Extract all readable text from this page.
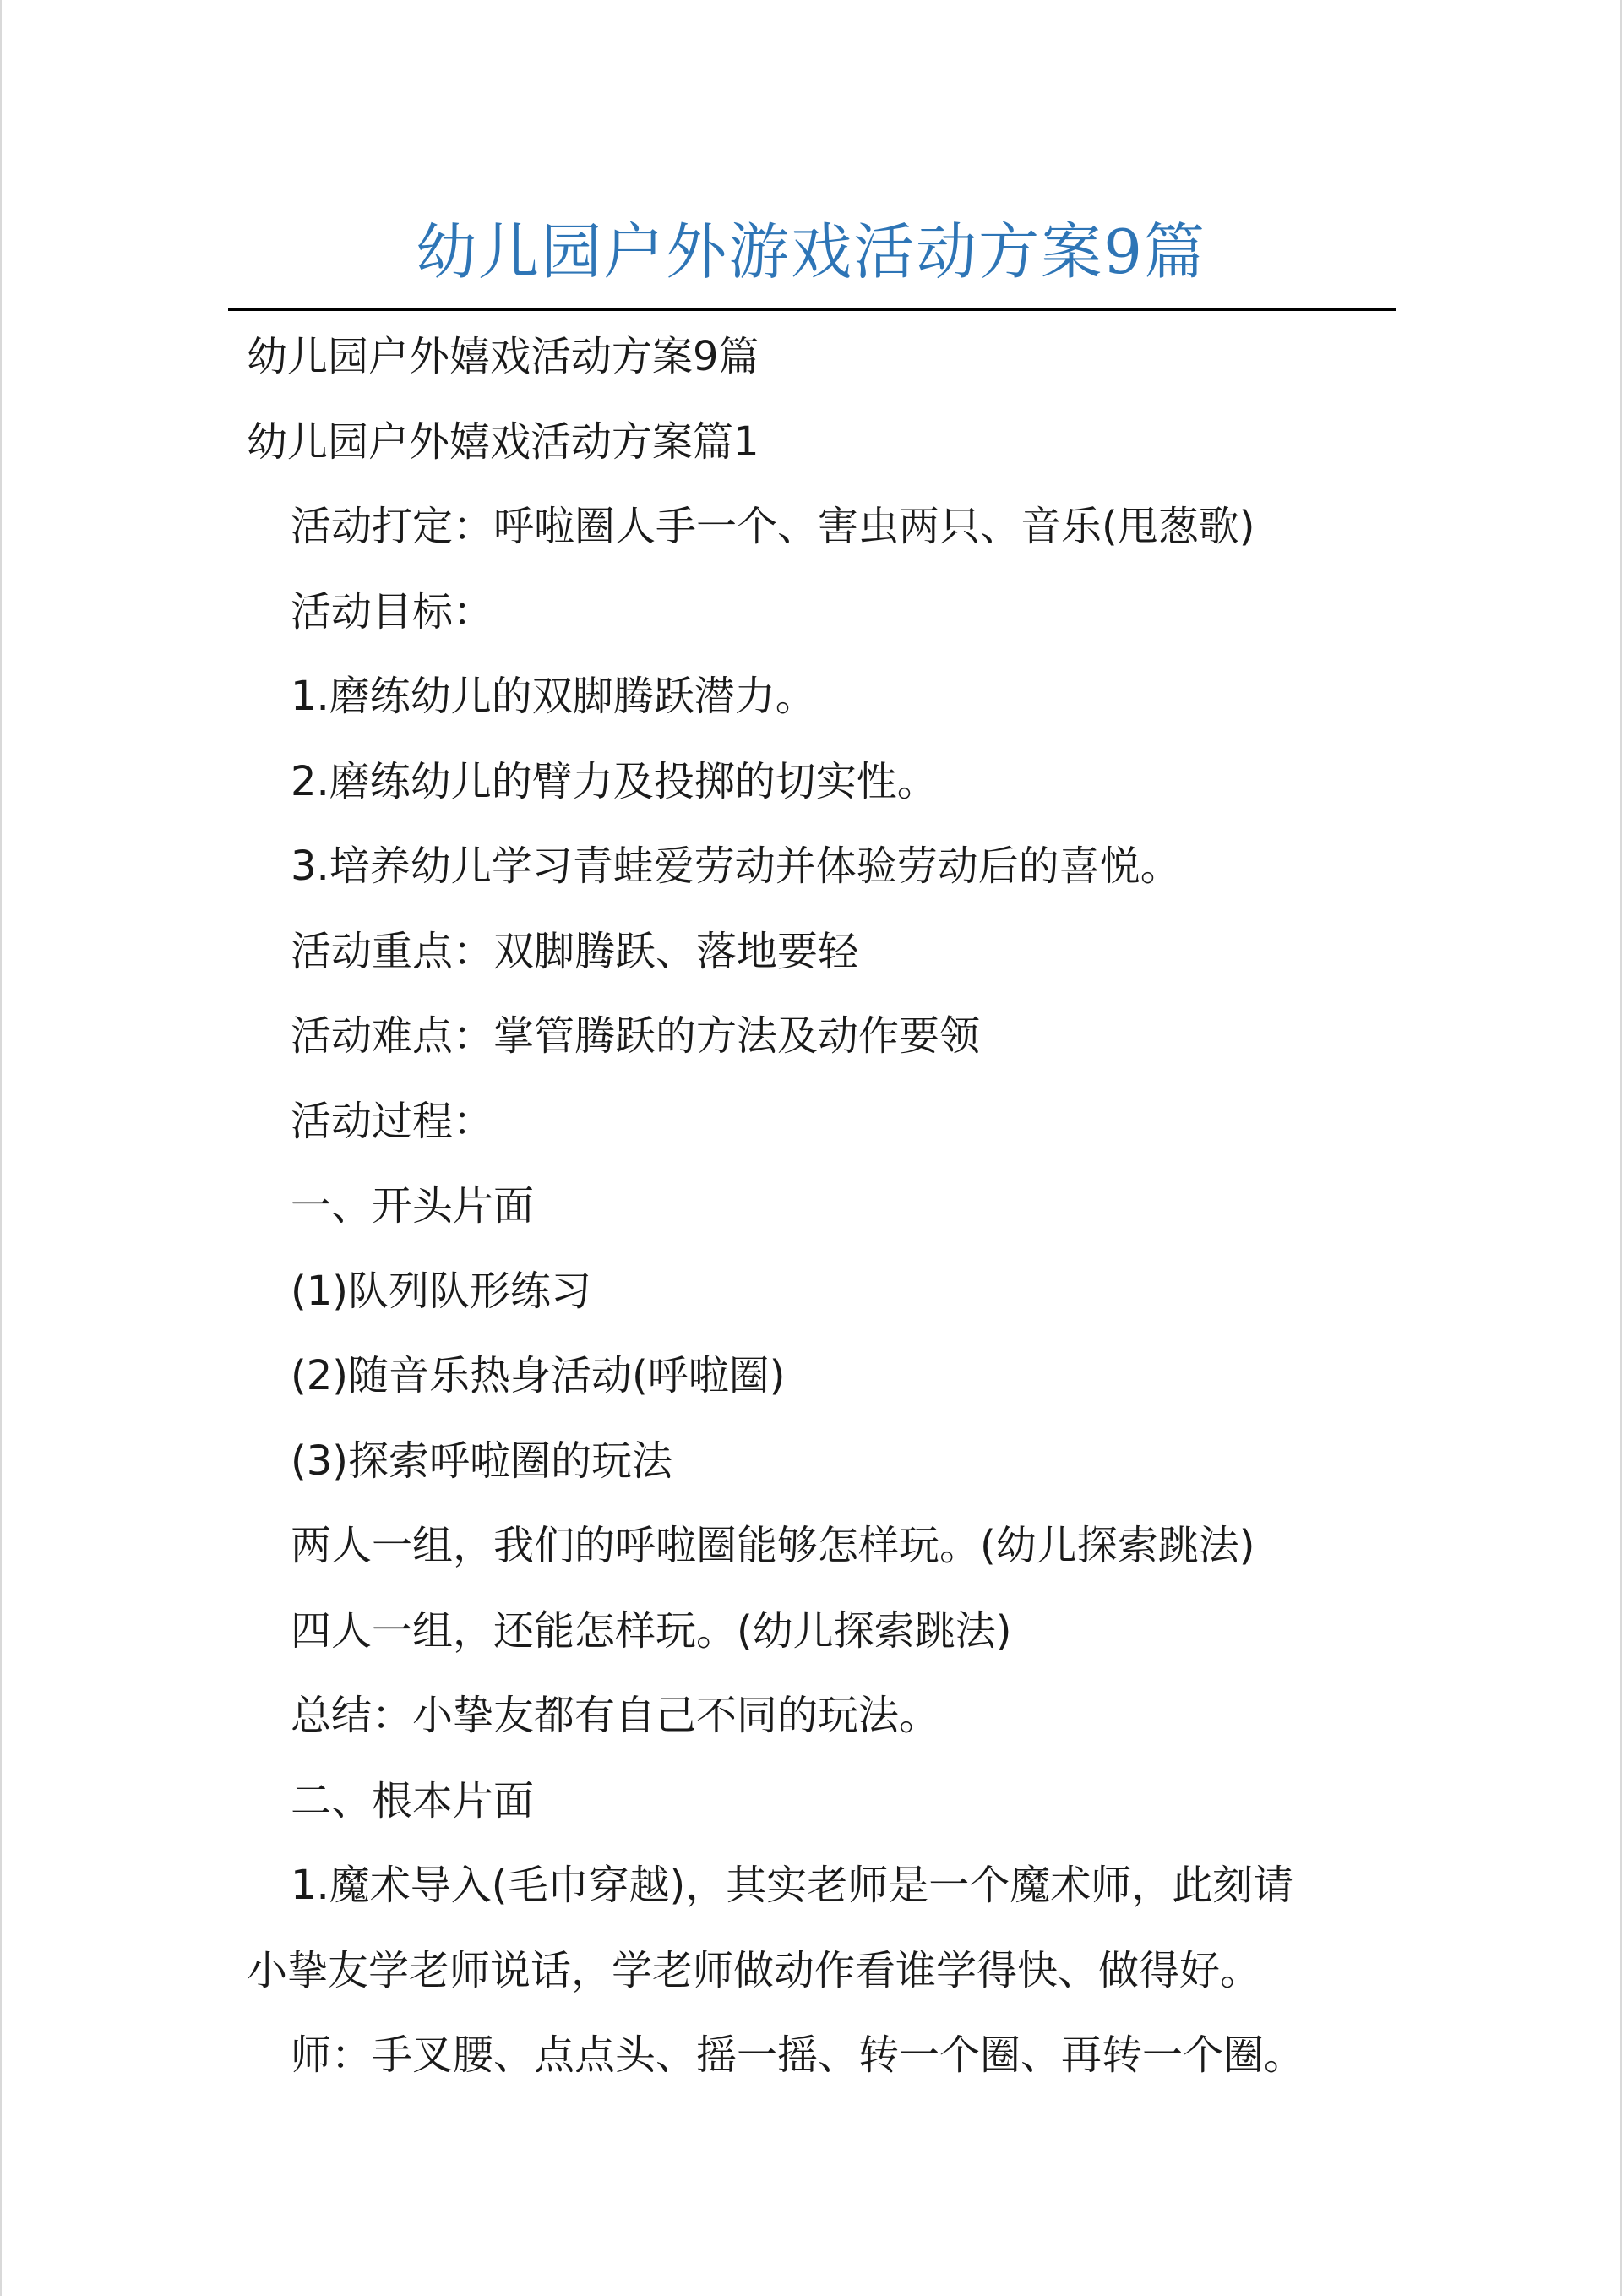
幼儿园户外游戏活动方案9篇
幼儿园户外嬉戏活动方案9篇
幼儿园户外嬉戏活动方案篇1
活动打定：呼啦圈人手一个、害虫两只、音乐(甩葱歌)
活动目标：
1.磨练幼儿的双脚腾跃潜力。
2.磨练幼儿的臂力及投掷的切实性。
3.培养幼儿学习青蛙爱劳动并体验劳动后的喜悦。
活动重点：双脚腾跃、落地要轻
活动难点：掌管腾跃的方法及动作要领
活动过程：
一、开头片面
(1)队列队形练习
(2)随音乐热身活动(呼啦圈)
(3)探索呼啦圈的玩法
两人一组，我们的呼啦圈能够怎样玩。(幼儿探索跳法)
四人一组，还能怎样玩。(幼儿探索跳法)
总结：小挚友都有自己不同的玩法。
二、根本片面
1.魔术导入(毛巾穿越)，其实老师是一个魔术师，此刻请
小挚友学老师说话，学老师做动作看谁学得快、做得好。
师：手叉腰、点点头、摇一摇、转一个圈、再转一个圈。
